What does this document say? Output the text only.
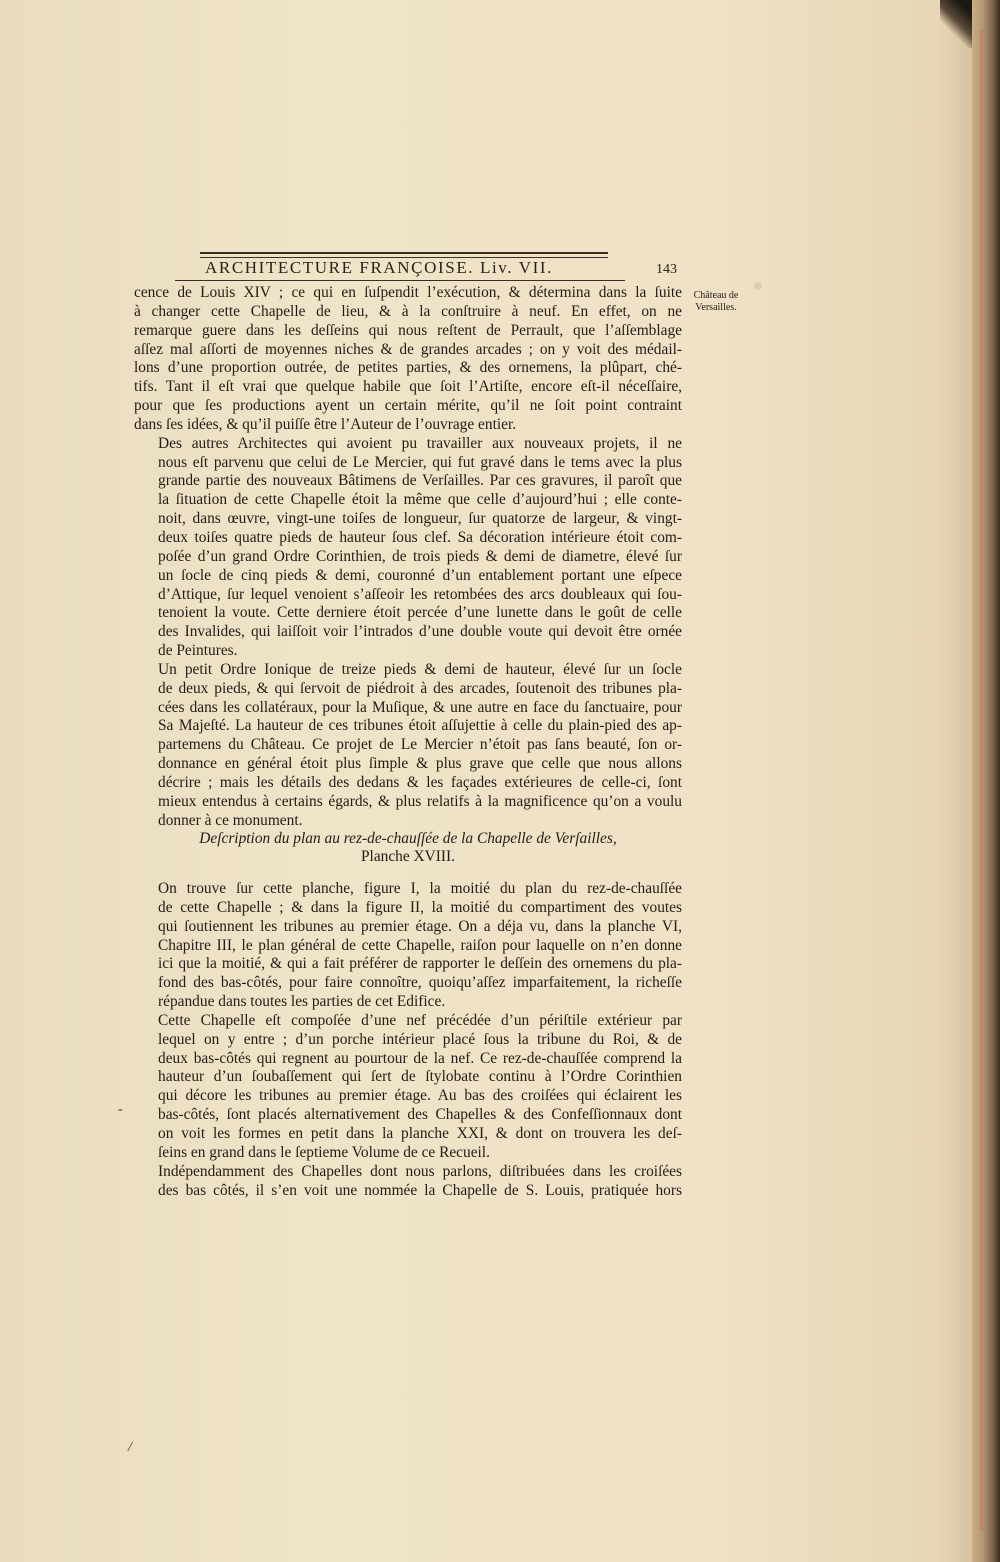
ARCHITECTURE FRANÇOISE. Liv. VII.	143
Château de
Versailles.

cence de Louis XIV ; ce qui en ſuſpendit l’exécution, & détermina dans la ſuite
à changer cette Chapelle de lieu, & à la conſtruire à neuf. En effet, on ne
remarque guere dans les deſſeins qui nous reſtent de Perrault, que l’aſſemblage
aſſez mal aſſorti de moyennes niches & de grandes arcades ; on y voit des médail-
lons d’une proportion outrée, de petites parties, & des ornemens, la plûpart, ché-
tifs. Tant il eſt vrai que quelque habile que ſoit l’Artiſte, encore eſt-il néceſſaire,
pour que ſes productions ayent un certain mérite, qu’il ne ſoit point contraint
dans ſes idées, & qu’il puiſſe être l’Auteur de l’ouvrage entier.

Des autres Architectes qui avoient pu travailler aux nouveaux projets, il ne
nous eſt parvenu que celui de Le Mercier, qui fut gravé dans le tems avec la plus
grande partie des nouveaux Bâtimens de Verſailles. Par ces gravures, il paroît que
la ſituation de cette Chapelle étoit la même que celle d’aujourd’hui ; elle conte-
noit, dans œuvre, vingt-une toiſes de longueur, ſur quatorze de largeur, & vingt-
deux toiſes quatre pieds de hauteur ſous clef. Sa décoration intérieure étoit com-
poſée d’un grand Ordre Corinthien, de trois pieds & demi de diametre, élevé ſur
un ſocle de cinq pieds & demi, couronné d’un entablement portant une eſpece
d’Attique, ſur lequel venoient s’aſſeoir les retombées des arcs doubleaux qui ſou-
tenoient la voute. Cette derniere étoit percée d’une lunette dans le goût de celle
des Invalides, qui laiſſoit voir l’intrados d’une double voute qui devoit être ornée
de Peintures.

Un petit Ordre Ionique de treize pieds & demi de hauteur, élevé ſur un ſocle
de deux pieds, & qui ſervoit de piédroit à des arcades, ſoutenoit des tribunes pla-
cées dans les collatéraux, pour la Muſique, & une autre en face du ſanctuaire, pour
Sa Majeſté. La hauteur de ces tribunes étoit aſſujettie à celle du plain-pied des ap-
partemens du Château. Ce projet de Le Mercier n’étoit pas ſans beauté, ſon or-
donnance en général étoit plus ſimple & plus grave que celle que nous allons
décrire ; mais les détails des dedans & les façades extérieures de celle-ci, ſont
mieux entendus à certains égards, & plus relatifs à la magnificence qu’on a voulu
donner à ce monument.

Deſcription du plan au rez-de-chauſſée de la Chapelle de Verſailles,
Planche XVIII.

On trouve ſur cette planche, figure I, la moitié du plan du rez-de-chauſſée
de cette Chapelle ; & dans la figure II, la moitié du compartiment des voutes
qui ſoutiennent les tribunes au premier étage. On a déja vu, dans la planche VI,
Chapitre III, le plan général de cette Chapelle, raiſon pour laquelle on n’en donne
ici que la moitié, & qui a fait préférer de rapporter le deſſein des ornemens du pla-
fond des bas-côtés, pour faire connoître, quoiqu’aſſez imparfaitement, la richeſſe
répandue dans toutes les parties de cet Edifice.

Cette Chapelle eſt compoſée d’une nef précédée d’un périſtile extérieur par
lequel on y entre ; d’un porche intérieur placé ſous la tribune du Roi, & de
deux bas-côtés qui regnent au pourtour de la nef. Ce rez-de-chauſſée comprend la
hauteur d’un ſoubaſſement qui ſert de ſtylobate continu à l’Ordre Corinthien
qui décore les tribunes au premier étage. Au bas des croiſées qui éclairent les
bas-côtés, ſont placés alternativement des Chapelles & des Confeſſionnaux dont
on voit les formes en petit dans la planche XXI, & dont on trouvera les deſ-
ſeins en grand dans le ſeptieme Volume de ce Recueil.

Indépendamment des Chapelles dont nous parlons, diſtribuées dans les croiſées
des bas côtés, il s’en voit une nommée la Chapelle de S. Louis, pratiquée hors

-
/
